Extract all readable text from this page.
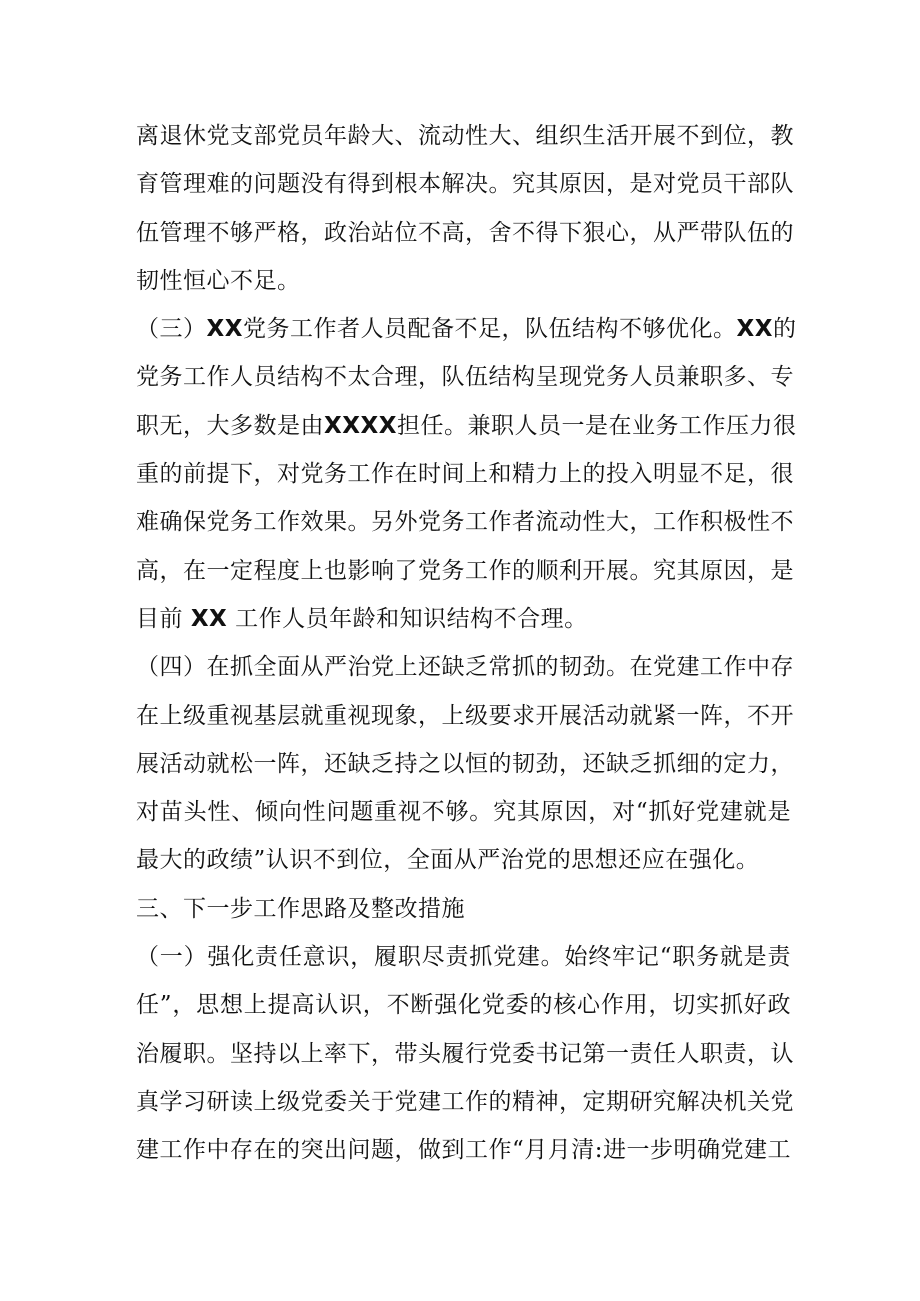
离退休党支部党员年龄大、流动性大、组织生活开展不到位，教
育管理难的问题没有得到根本解决。究其原因，是对党员干部队
伍管理不够严格，政治站位不高，舍不得下狠心，从严带队伍的
韧性恒心不足。
（三）XX党务工作者人员配备不足，队伍结构不够优化。XX的
党务工作人员结构不太合理，队伍结构呈现党务人员兼职多、专
职无，大多数是由XXXX担任。兼职人员一是在业务工作压力很
重的前提下，对党务工作在时间上和精力上的投入明显不足，很
难确保党务工作效果。另外党务工作者流动性大，工作积极性不
高，在一定程度上也影响了党务工作的顺利开展。究其原因，是
目前 XX 工作人员年龄和知识结构不合理。
（四）在抓全面从严治党上还缺乏常抓的韧劲。在党建工作中存
在上级重视基层就重视现象，上级要求开展活动就紧一阵，不开
展活动就松一阵，还缺乏持之以恒的韧劲，还缺乏抓细的定力，
对苗头性、倾向性问题重视不够。究其原因，对“抓好党建就是
最大的政绩”认识不到位，全面从严治党的思想还应在强化。
三、下一步工作思路及整改措施
（一）强化责任意识，履职尽责抓党建。始终牢记“职务就是责
任”，思想上提高认识，不断强化党委的核心作用，切实抓好政
治履职。坚持以上率下，带头履行党委书记第一责任人职责，认
真学习研读上级党委关于党建工作的精神，定期研究解决机关党
建工作中存在的突出问题，做到工作“月月清:进一步明确党建工
